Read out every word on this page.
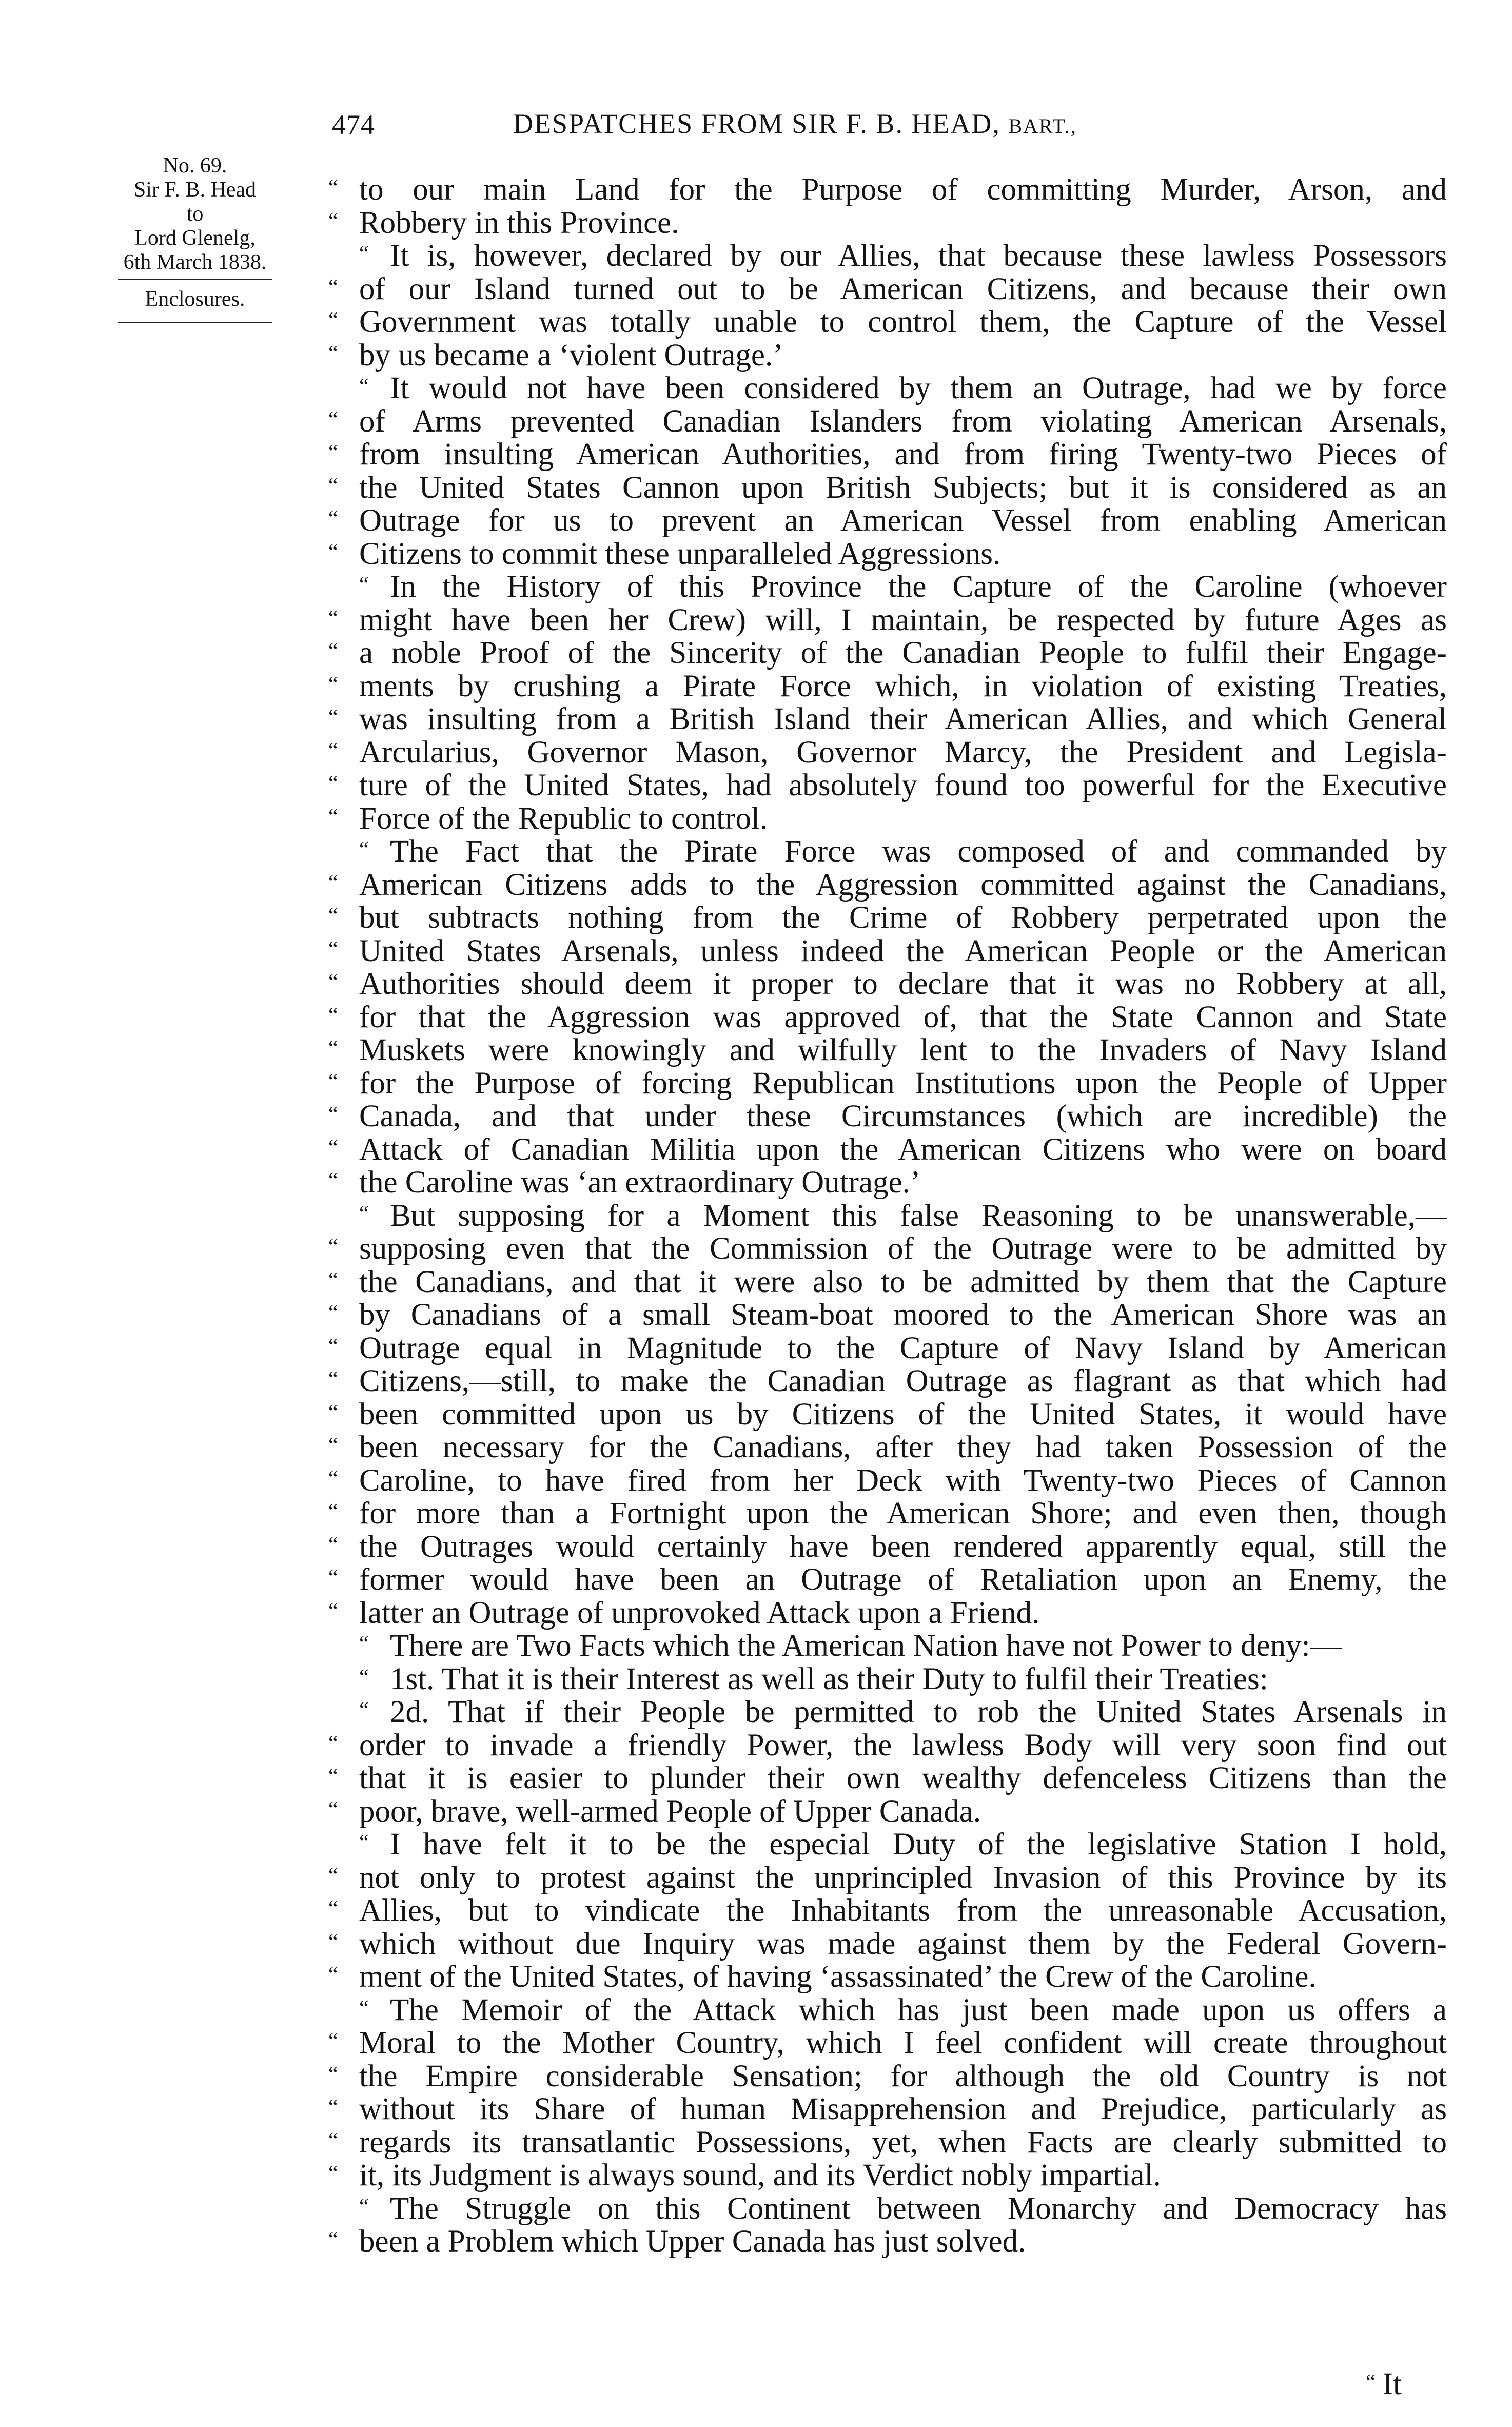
474	DESPATCHES FROM SIR F. B. HEAD, BART.,
No. 69.
Sir F. B. Head
to
Lord Glenelg,
6th March 1838.
Enclosures.
“ to our main Land for the Purpose of committing Murder, Arson, and
“ Robbery in this Province.
“ It is, however, declared by our Allies, that because these lawless Possessors
“ of our Island turned out to be American Citizens, and because their own
“ Government was totally unable to control them, the Capture of the Vessel
“ by us became a ‘violent Outrage.’
“ It would not have been considered by them an Outrage, had we by force
“ of Arms prevented Canadian Islanders from violating American Arsenals,
“ from insulting American Authorities, and from firing Twenty-two Pieces of
“ the United States Cannon upon British Subjects; but it is considered as an
“ Outrage for us to prevent an American Vessel from enabling American
“ Citizens to commit these unparalleled Aggressions.
“ In the History of this Province the Capture of the Caroline (whoever
“ might have been her Crew) will, I maintain, be respected by future Ages as
“ a noble Proof of the Sincerity of the Canadian People to fulfil their Engage-
“ ments by crushing a Pirate Force which, in violation of existing Treaties,
“ was insulting from a British Island their American Allies, and which General
“ Arcularius, Governor Mason, Governor Marcy, the President and Legisla-
“ ture of the United States, had absolutely found too powerful for the Executive
“ Force of the Republic to control.
“ The Fact that the Pirate Force was composed of and commanded by
“ American Citizens adds to the Aggression committed against the Canadians,
“ but subtracts nothing from the Crime of Robbery perpetrated upon the
“ United States Arsenals, unless indeed the American People or the American
“ Authorities should deem it proper to declare that it was no Robbery at all,
“ for that the Aggression was approved of, that the State Cannon and State
“ Muskets were knowingly and wilfully lent to the Invaders of Navy Island
“ for the Purpose of forcing Republican Institutions upon the People of Upper
“ Canada, and that under these Circumstances (which are incredible) the
“ Attack of Canadian Militia upon the American Citizens who were on board
“ the Caroline was ‘an extraordinary Outrage.’
“ But supposing for a Moment this false Reasoning to be unanswerable,—
“ supposing even that the Commission of the Outrage were to be admitted by
“ the Canadians, and that it were also to be admitted by them that the Capture
“ by Canadians of a small Steam-boat moored to the American Shore was an
“ Outrage equal in Magnitude to the Capture of Navy Island by American
“ Citizens,—still, to make the Canadian Outrage as flagrant as that which had
“ been committed upon us by Citizens of the United States, it would have
“ been necessary for the Canadians, after they had taken Possession of the
“ Caroline, to have fired from her Deck with Twenty-two Pieces of Cannon
“ for more than a Fortnight upon the American Shore; and even then, though
“ the Outrages would certainly have been rendered apparently equal, still the
“ former would have been an Outrage of Retaliation upon an Enemy, the
“ latter an Outrage of unprovoked Attack upon a Friend.
“ There are Two Facts which the American Nation have not Power to deny:—
“ 1st. That it is their Interest as well as their Duty to fulfil their Treaties:
“ 2d. That if their People be permitted to rob the United States Arsenals in
“ order to invade a friendly Power, the lawless Body will very soon find out
“ that it is easier to plunder their own wealthy defenceless Citizens than the
“ poor, brave, well-armed People of Upper Canada.
“ I have felt it to be the especial Duty of the legislative Station I hold,
“ not only to protest against the unprincipled Invasion of this Province by its
“ Allies, but to vindicate the Inhabitants from the unreasonable Accusation,
“ which without due Inquiry was made against them by the Federal Govern-
“ ment of the United States, of having ‘assassinated’ the Crew of the Caroline.
“ The Memoir of the Attack which has just been made upon us offers a
“ Moral to the Mother Country, which I feel confident will create throughout
“ the Empire considerable Sensation; for although the old Country is not
“ without its Share of human Misapprehension and Prejudice, particularly as
“ regards its transatlantic Possessions, yet, when Facts are clearly submitted to
“ it, its Judgment is always sound, and its Verdict nobly impartial.
“ The Struggle on this Continent between Monarchy and Democracy has
“ been a Problem which Upper Canada has just solved.
“ It
